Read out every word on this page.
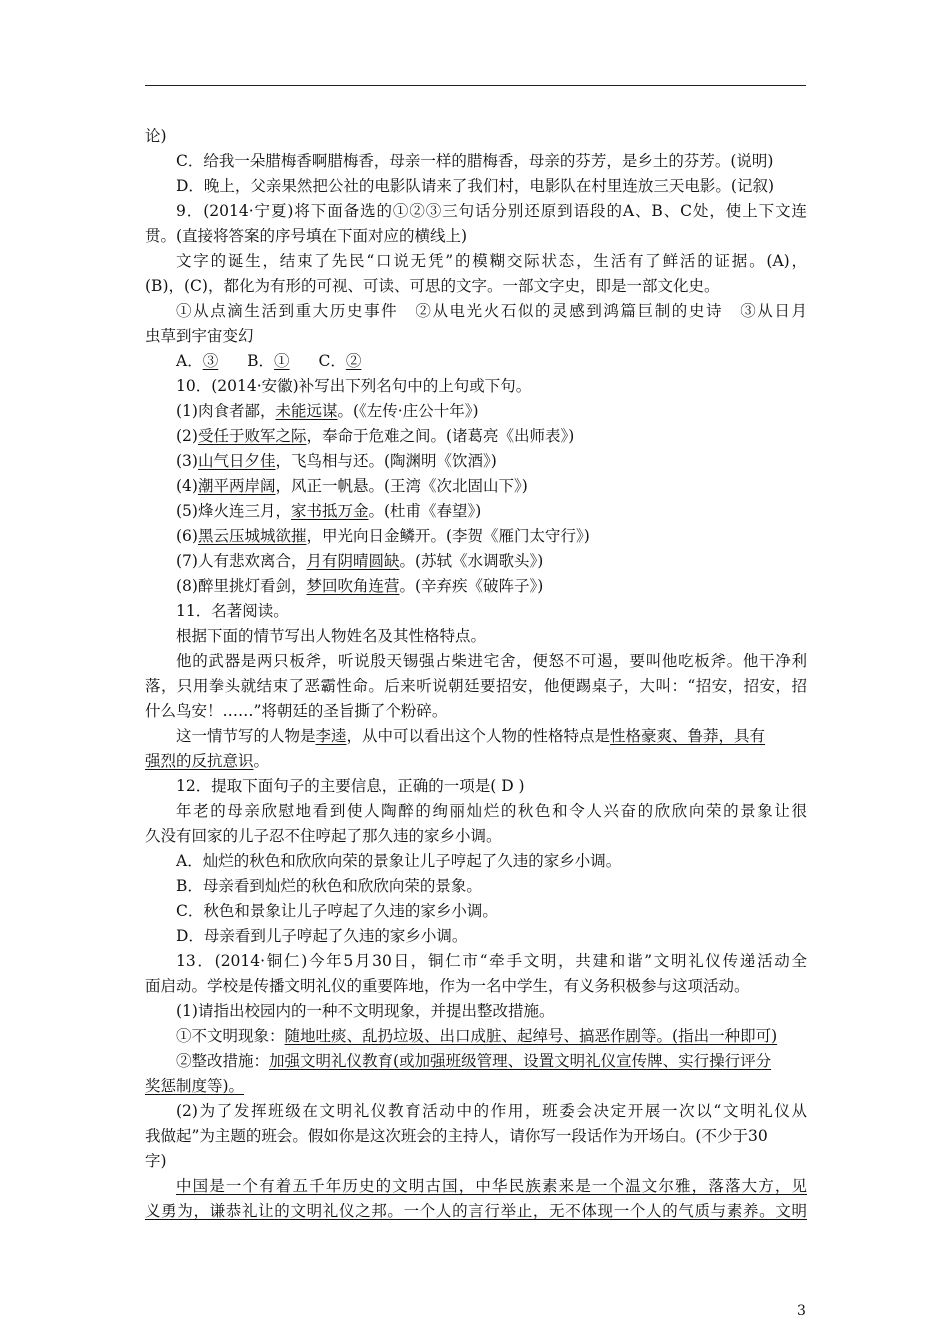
论)
C．给我一朵腊梅香啊腊梅香，母亲一样的腊梅香，母亲的芬芳，是乡土的芬芳。(说明)
D．晚上，父亲果然把公社的电影队请来了我们村，电影队在村里连放三天电影。(记叙)
9．(2014·宁夏)将下面备选的①②③三句话分别还原到语段的A、B、C处，使上下文连
贯。(直接将答案的序号填在下面对应的横线上)
文字的诞生，结束了先民“口说无凭”的模糊交际状态，生活有了鲜活的证据。(A)，
(B)，(C)，都化为有形的可视、可读、可思的文字。一部文字史，即是一部文化史。
①从点滴生活到重大历史事件　②从电光火石似的灵感到鸿篇巨制的史诗　③从日月
虫草到宇宙变幻
A．③ B．① C．②
10．(2014·安徽)补写出下列名句中的上句或下句。
(1)肉食者鄙，未能远谋。(《左传·庄公十年》)
(2)受任于败军之际，奉命于危难之间。(诸葛亮《出师表》)
(3)山气日夕佳，飞鸟相与还。(陶渊明《饮酒》)
(4)潮平两岸阔，风正一帆悬。(王湾《次北固山下》)
(5)烽火连三月，家书抵万金。(杜甫《春望》)
(6)黑云压城城欲摧，甲光向日金鳞开。(李贺《雁门太守行》)
(7)人有悲欢离合，月有阴晴圆缺。(苏轼《水调歌头》)
(8)醉里挑灯看剑，梦回吹角连营。(辛弃疾《破阵子》)
11．名著阅读。
根据下面的情节写出人物姓名及其性格特点。
他的武器是两只板斧，听说殷天锡强占柴进宅舍，便怒不可遏，要叫他吃板斧。他干净利
落，只用拳头就结束了恶霸性命。后来听说朝廷要招安，他便踢桌子，大叫：“招安，招安，招
什么鸟安！……”将朝廷的圣旨撕了个粉碎。
这一情节写的人物是李逵，从中可以看出这个人物的性格特点是性格豪爽、鲁莽，具有
强烈的反抗意识。
12．提取下面句子的主要信息，正确的一项是( D )
年老的母亲欣慰地看到使人陶醉的绚丽灿烂的秋色和令人兴奋的欣欣向荣的景象让很
久没有回家的儿子忍不住哼起了那久违的家乡小调。
A．灿烂的秋色和欣欣向荣的景象让儿子哼起了久违的家乡小调。
B．母亲看到灿烂的秋色和欣欣向荣的景象。
C．秋色和景象让儿子哼起了久违的家乡小调。
D．母亲看到儿子哼起了久违的家乡小调。
13．(2014·铜仁)今年5月30日，铜仁市“牵手文明，共建和谐”文明礼仪传递活动全
面启动。学校是传播文明礼仪的重要阵地，作为一名中学生，有义务积极参与这项活动。
(1)请指出校园内的一种不文明现象，并提出整改措施。
①不文明现象：随地吐痰、乱扔垃圾、出口成脏、起绰号、搞恶作剧等。(指出一种即可)
②整改措施：加强文明礼仪教育(或加强班级管理、设置文明礼仪宣传牌、实行操行评分
奖惩制度等)。
(2)为了发挥班级在文明礼仪教育活动中的作用，班委会决定开展一次以“文明礼仪从
我做起”为主题的班会。假如你是这次班会的主持人，请你写一段话作为开场白。(不少于30
字)
中国是一个有着五千年历史的文明古国，中华民族素来是一个温文尔雅，落落大方，见
义勇为，谦恭礼让的文明礼仪之邦。一个人的言行举止，无不体现一个人的气质与素养。文明
3
